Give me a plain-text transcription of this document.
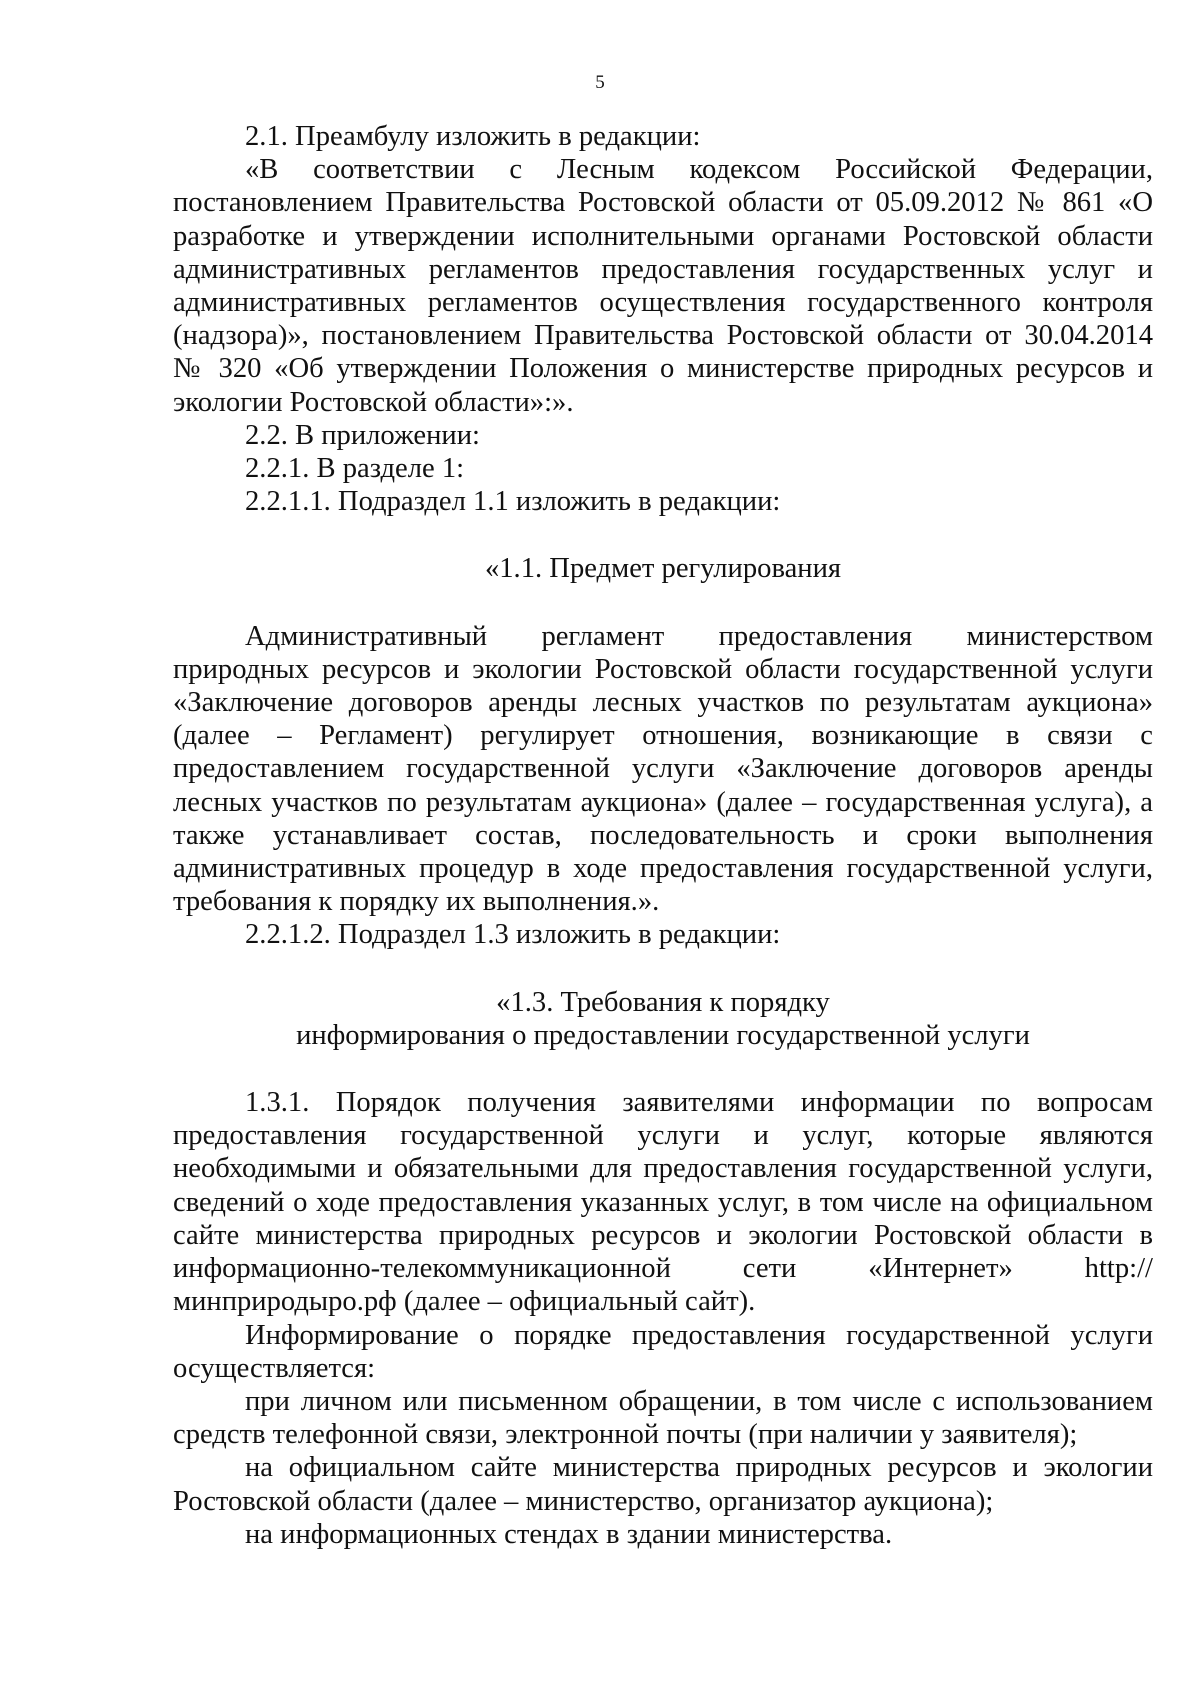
5

2.1. Преамбулу изложить в редакции:

«В соответствии с Лесным кодексом Российской Федерации, постановлением Правительства Ростовской области от 05.09.2012 № 861 «О разработке и утверждении исполнительными органами Ростовской области административных регламентов предоставления государственных услуг и административных регламентов осуществления государственного контроля (надзора)», постановлением Правительства Ростовской области от 30.04.2014 № 320 «Об утверждении Положения о министерстве природных ресурсов и экологии Ростовской области»:».

2.2. В приложении:

2.2.1. В разделе 1:

2.2.1.1. Подраздел 1.1 изложить в редакции:

«1.1. Предмет регулирования

Административный регламент предоставления министерством природных ресурсов и экологии Ростовской области государственной услуги «Заключение договоров аренды лесных участков по результатам аукциона» (далее – Регламент) регулирует отношения, возникающие в связи с предоставлением государственной услуги «Заключение договоров аренды лесных участков по результатам аукциона» (далее – государственная услуга), а также устанавливает состав, последовательность и сроки выполнения административных процедур в ходе предоставления государственной услуги, требования к порядку их выполнения.».

2.2.1.2. Подраздел 1.3 изложить в редакции:

«1.3. Требования к порядку

информирования о предоставлении государственной услуги

1.3.1. Порядок получения заявителями информации по вопросам предоставления государственной услуги и услуг, которые являются необходимыми и обязательными для предоставления государственной услуги, сведений о ходе предоставления указанных услуг, в том числе на официальном сайте министерства природных ресурсов и экологии Ростовской области в информационно-телекоммуникационной сети «Интернет» http://минприродыро.рф (далее – официальный сайт).

Информирование о порядке предоставления государственной услуги осуществляется:

при личном или письменном обращении, в том числе с использованием средств телефонной связи, электронной почты (при наличии у заявителя);

на официальном сайте министерства природных ресурсов и экологии Ростовской области (далее – министерство, организатор аукциона);

на информационных стендах в здании министерства.
